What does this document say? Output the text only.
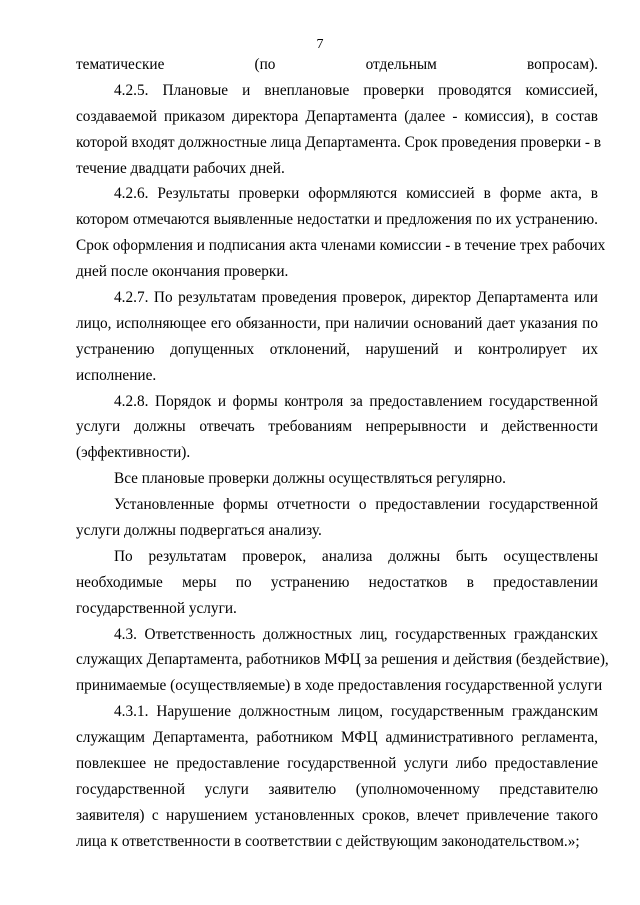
7
тематические (по отдельным вопросам).
4.2.5. Плановые и внеплановые проверки проводятся комиссией,
создаваемой приказом директора Департамента (далее - комиссия), в состав
которой входят должностные лица Департамента. Срок проведения проверки - в
течение двадцати рабочих дней.
4.2.6. Результаты проверки оформляются комиссией в форме акта, в
котором отмечаются выявленные недостатки и предложения по их устранению.
Срок оформления и подписания акта членами комиссии - в течение трех рабочих
дней после окончания проверки.
4.2.7. По результатам проведения проверок, директор Департамента или
лицо, исполняющее его обязанности, при наличии оснований дает указания по
устранению допущенных отклонений, нарушений и контролирует их
исполнение.
4.2.8. Порядок и формы контроля за предоставлением государственной
услуги должны отвечать требованиям непрерывности и действенности
(эффективности).
Все плановые проверки должны осуществляться регулярно.
Установленные формы отчетности о предоставлении государственной
услуги должны подвергаться анализу.
По результатам проверок, анализа должны быть осуществлены
необходимые меры по устранению недостатков в предоставлении
государственной услуги.
4.3. Ответственность должностных лиц, государственных гражданских
служащих Департамента, работников МФЦ за решения и действия (бездействие),
принимаемые (осуществляемые) в ходе предоставления государственной услуги
4.3.1. Нарушение должностным лицом, государственным гражданским
служащим Департамента, работником МФЦ административного регламента,
повлекшее не предоставление государственной услуги либо предоставление
государственной услуги заявителю (уполномоченному представителю
заявителя) с нарушением установленных сроков, влечет привлечение такого
лица к ответственности в соответствии с действующим законодательством.»;
